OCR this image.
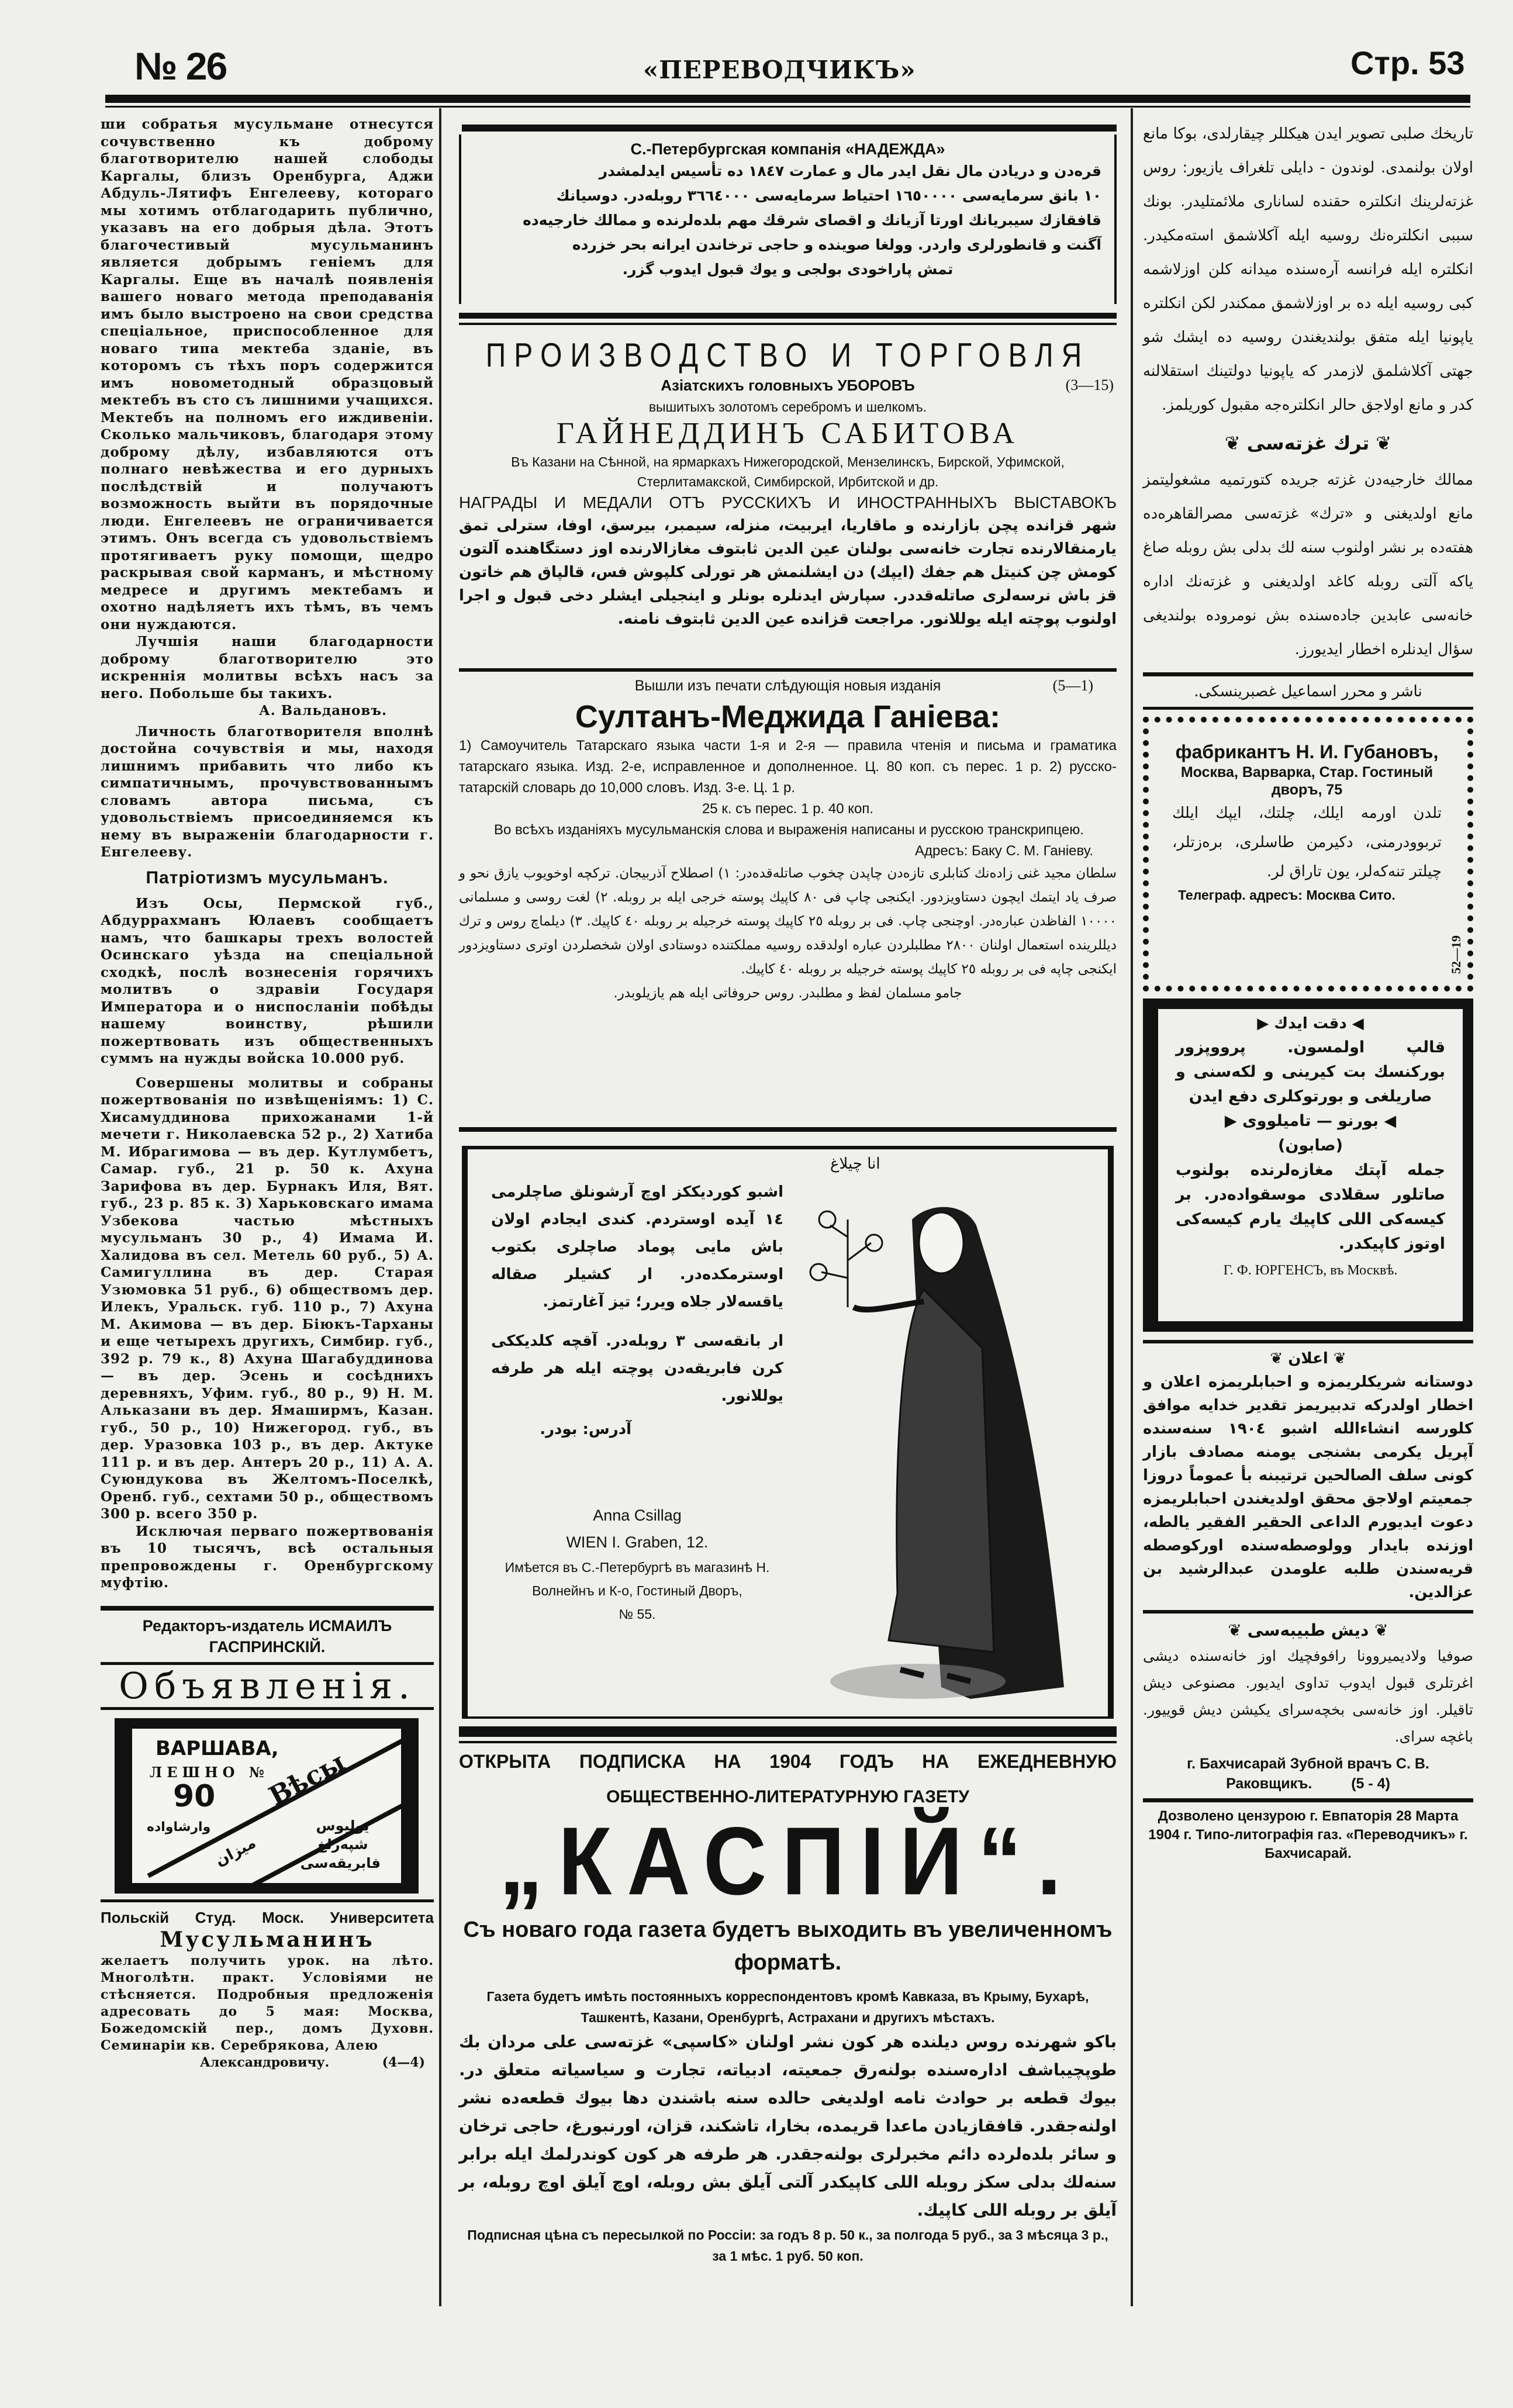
№ 26	«ПЕРЕВОДЧИКЪ»	Стр. 53

ши собратья мусульмане отнесутся сочувственно къ доброму благотворителю нашей слободы Каргалы, близъ Оренбурга, Аджи Абдуль-Лятифъ Енгелееву, котораго мы хотимъ отблагодарить публично, указавъ на его добрыя дѣла. Этотъ благочестивый мусульманинъ является добрымъ геніемъ для Каргалы. Еще въ началѣ появленія вашего новаго метода преподаванія имъ было выстроено на свои средства спеціальное, приспособленное для новаго типа мектеба зданіе, въ которомъ съ тѣхъ поръ содержится имъ новометодный образцовый мектебъ въ сто съ лишними учащихся. Мектебъ на полномъ его иждивеніи. Сколько мальчиковъ, благодаря этому доброму дѣлу, избавляются отъ полнаго невѣжества и его дурныхъ послѣдствій и получаютъ возможность выйти въ порядочные люди. Енгелеевъ не ограничивается этимъ. Онъ всегда съ удовольствіемъ протягиваетъ руку помощи, щедро раскрывая свой карманъ, и мѣстному медресе и другимъ мектебамъ и охотно надѣляетъ ихъ тѣмъ, въ чемъ они нуждаются.

Лучшія наши благодарности доброму благотворителю это искреннія молитвы всѣхъ насъ за него. Побольше бы такихъ.

А. Вальдановъ.

Личность благотворителя вполнѣ достойна сочувствія и мы, находя лишнимъ прибавить что либо къ симпатичнымъ, прочувствованнымъ словамъ автора письма, съ удовольствіемъ присоединяемся къ нему въ выраженіи благодарности г. Енгелееву.

Патріотизмъ мусульманъ.

Изъ Осы, Пермской губ., Абдуррахманъ Юлаевъ сообщаетъ намъ, что башкары трехъ волостей Осинскаго уѣзда на спеціальной сходкѣ, послѣ вознесенія горячихъ молитвъ о здравіи Государя Императора и о ниспосланіи побѣды нашему воинству, рѣшили пожертвовать изъ общественныхъ суммъ на нужды войска 10.000 руб.

Совершены молитвы и собраны пожертвованія по извѣщеніямъ: 1) С. Хисамуддинова прихожанами 1-й мечети г. Николаевска 52 р., 2) Хатиба М. Ибрагимова — въ дер. Кутлумбетъ, Самар. губ., 21 р. 50 к. Ахуна Зарифова въ дер. Бурнакъ Иля, Вят. губ., 23 р. 85 к. 3) Харьковскаго имама Узбекова частью мѣстныхъ мусульманъ 30 р., 4) Имама И. Халидова въ сел. Метель 60 руб., 5) А. Самигуллина въ дер. Старая Узюмовка 51 руб., 6) обществомъ дер. Илекъ, Уральск. губ. 110 р., 7) Ахуна М. Акимова — въ дер. Біюкъ-Тарханы и еще четырехъ другихъ, Симбир. губ., 392 р. 79 к., 8) Ахуна Шагабуддинова — въ дер. Эсень и сосѣднихъ деревняхъ, Уфим. губ., 80 р., 9) Н. М. Альказани въ дер. Ямаширмъ, Казан. губ., 50 р., 10) Нижегород. губ., въ дер. Уразовка 103 р., въ дер. Актуке 111 р. и въ дер. Антеръ 20 р., 11) А. А. Суюндукова въ Желтомъ-Поселкѣ, Оренб. губ., сехтами 50 р., обществомъ 300 р. всего 350 р.

Исключая перваго пожертвованія въ 10 тысячъ, всѣ остальныя препровождены г. Оренбургскому муфтію.

Редакторъ-издатель ИСМАИЛЪ ГАСПРИНСКІЙ.
Объявленія.
ВАРШАВА,
ЛЕШНО №
90
وارشاوادە
Вѣсы
میزان
یولیوس
شپەرلغ
فابریقەسی
Польскій Студ. Моск. Университета
Мусульманинъ
желаетъ получить урок. на лѣто. Многолѣтн. практ. Условіями не стѣсняется. Подробныя предложенія адресовать до 5 мая: Москва, Божедомскій пер., домъ Духовн. Семинаріи кв. Серебрякова, Алею
Александровичу.	(4—4)
С.-Петербургская компанія «НАДЕЖДА»
قرەدن و دریادن مال نقل ایدر مال و عمارت ١٨٤٧ دە تأسیس ایدلمشدر
١٠ بانق سرمایەسی ١٦٥٠٠٠٠ احتیاط سرمایەسی ٣٦٦٤٠٠٠ روبلەدر. دوسیانك
قافقازك سیبریانك اورتا آزیانك و اقصای شرقك مهم بلدەلرندە و ممالك خارجیەدە
آگنت و قانطورلری واردر. وولغا صوینده و حاجی ترخاندن ایرانه بحر خزرده
تمش پاراخودی بولجی و یوك قبول ایدوب گزر.
ПРОИЗВОДСТВО И ТОРГОВЛЯ
Азіатскихъ головныхъ УБОРОВЪ	(3—15)
вышитыхъ золотомъ серебромъ и шелкомъ.
ГАЙНЕДДИНЪ САБИТОВА
Въ Казани на Сѣнной, на ярмаркахъ Нижегородской, Мензелинскъ, Бирской, Уфимской, Стерлитамакской, Симбирской, Ирбитской и др.
НАГРАДЫ И МЕДАЛИ ОТЪ РУССКИХЪ И ИНОСТРАННЫХЪ ВЫСТАВОКЪ
شهر قزانده پچن بازارنده و ماقاریا، ایربیت، منزله، سیمبر، بیرسق، اوفا، سترلی تمق یارمنقالارنده تجارت خانەسی بولنان عین الدین ثابتوف مغازالارنده اوز دستگاهنده آلتون کومش چن کنیتل هم جفك (ایپك) دن ایشلنمش هر تورلی کلپوش فس، قالپاق هم خاتون قز باش نرسەلری صاتلەقددر. سپارش ایدنلره بونلر و اینجیلی ایشلر دخی قبول و اجرا اولنوب پوچته ایله یوللانور. مراجعت قزانده عین الدین ثابتوف نامنه.
Вышли изъ печати слѣдующія новыя изданія	(5—1)
Султанъ-Меджида Ганіева:
1) Самоучитель Татарскаго языка части 1-я и 2-я — правила чтенія и письма и граматика татарскаго языка. Изд. 2-е, исправленное и дополненное. Ц. 80 коп. съ перес. 1 р. 2) русско-татарскій словарь до 10,000 словъ. Изд. 3-е. Ц. 1 р.
25 к. съ перес. 1 р. 40 коп.
Во всѣхъ изданіяхъ мусульманскія слова и выраженія написаны и русскою транскрипцею.
Адресъ: Баку С. М. Ганіеву.
سلطان مجید غنی زادەنك کتابلری تازەدن چاپدن چخوب صاتلەقدەدر: ١) اصطلاح آذربیجان. ترکچه اوخویوب یازق نحو و صرف یاد ایتمك ایچون دستاویزدور. ایکنجی چاپ فی ٨٠ کاپیك پوسته خرجی ایله بر روبله. ٢) لغت روسی و مسلمانی ١٠٠٠٠ الفاظدن عبارەدر. اوچنجی چاپ. فی بر روبله ٢٥ کاپیك پوسته خرجیله بر روبله ٤٠ کاپیك. ٣) دیلماچ روس و ترك دیللرینده استعمال اولنان ٢٨٠٠ مطلبلردن عباره اولدقده روسیه مملکتنده دوستادی اولان شخصلردن اوتری دستاویزدور ایکنجی چاپه فی بر روبله ٢٥ کاپیك پوسته خرجیله بر روبله ٤٠ کاپیك.
جامو مسلمان لفظ و مطلبدر. روس حروفاتی ایله هم یازیلوبدر.
انا چیلاغ
اشبو کوردیککز اوچ آرشونلق صاچلرمی ١٤ آیده اوستردم. کندی ایجادم اولان باش مایی پوماد صاچلری بکتوب اوسترمکدەدر. ار کشیلر صقاله یاقسەلار جلاه ویرر؛ تیز آغارتمز.
ار بانقەسی ٣ روبلەدر. آقچه کلدیککی کرن فابریقەدن پوچته ایله هر طرفه یوللانور.
آدرس: بودر.
Anna Csillag
WIEN I. Graben, 12.
Имѣется въ С.-Петербургѣ въ магазинѣ Н. Волнейнъ и К-о, Гостиный Дворъ,
№ 55.
ОТКРЫТА ПОДПИСКА НА 1904 ГОДЪ НА ЕЖЕДНЕВНУЮ
ОБЩЕСТВЕННО-ЛИТЕРАТУРНУЮ ГАЗЕТУ
„КАСПІЙ“.
Съ новаго года газета будетъ выходить въ увеличенномъ форматѣ.
Газета будетъ имѣть постоянныхъ корреспондентовъ кромѣ Кавказа, въ Крыму, Бухарѣ, Ташкентѣ, Казани, Оренбургѣ, Астрахани и другихъ мѣстахъ.
باکو شهرنده روس دیلنده هر کون نشر اولنان «کاسپی» غزتەسی علی مردان بك طوپچیباشف ادارەسنده بولنەرق جمعیتە، ادبیاتە، تجارت و سیاسیاتە متعلق در. بیوك قطعه بر حوادث نامه اولدیغی حالده سنه باشندن دها بیوك قطعەده نشر اولنەجقدر. قافقازیادن ماعدا قریمده، بخارا، تاشکند، قزان، اورنبورغ، حاجی ترخان و سائر بلدەلرده دائم مخبرلری بولنەجقدر. هر طرفه هر کون کوندرلمك ایله برابر سنەلك بدلی سکز روبله اللی کاپیکدر آلتی آیلق بش روبله، اوچ آیلق اوچ روبله، بر آیلق بر روبله اللی کاپیك.
Подписная цѣна съ пересылкой по Россіи: за годъ 8 р. 50 к., за полгода 5 руб., за 3 мѣсяца 3 р., за 1 мѣс. 1 руб. 50 коп.
تاریخك صلبی تصویر ایدن هیکللر چیقارلدی، بوکا مانع اولان بولنمدی. لوندون - دایلی تلغراف یازیور: روس غزتەلرینك انکلتره حقنده لساناری ملائمتلیدر. بونك سببی انکلترەنك روسیه ایله آکلاشمق استەمکیدر. انکلتره ایله فرانسه آرەسنده میدانه کلن اوزلاشمه کبی روسیه ایله ده بر اوزلاشمق ممکندر لکن انکلتره یاپونیا ایله متفق بولندیغندن روسیه ده ایشك شو جهتی آکلاشلمق لازمدر که یاپونیا دولتینك استقلالنه کدر و مانع اولاجق حالر انکلترەجه مقبول کوریلمز.
❦ ترك غزتەسی ❦
ممالك خارجیەدن غزته جریده کتورتمیه مشغولیتمز مانع اولدیغنی و «ترك» غزتەسی مصرالقاهرەده هفتەده بر نشر اولنوب سنه لك بدلی بش روبله صاغ یاکه آلتی روبله کاغد اولدیغنی و غزتەنك اداره خانەسی عابدین جادەسنده بش نومروده بولندیغی سؤال ایدنلره اخطار ایدیورز.
ناشر و محرر اسماعیل غصبرینسکی.
фабрикантъ Н. И. Губановъ,
Москва, Варварка, Стар. Гостиный дворъ, 75
تلدن اورمه ایلك، چلتك، ایپك ایلك تربوودرمنی، دکیرمن طاسلری، برەزتلر، چیلتر تنەکەلر، یون تاراق لر.
Телеграф. адресъ: Москва Сито.
52—19
◀ دقت ایدك ▶
قالپ اولمسون. پرووپزور بورکنسك بت کیرینی و لکەسنی و صاریلغی و بورتوکلری دفع ایدن
◀ بورنو — تامیلووی ▶
(صابون)
جمله آپتك مغازەلرنده بولنوب صاتلور سقلادی موسقوادەدر. بر کیسەکی اللی کاپیك یارم کیسەکی اوتوز کاپیکدر.
Г. Ф. ЮРГЕНСЪ, въ Москвѣ.
❦ اعلان ❦
دوستانه شریكلریمزه و احبابلریمزه اعلان و اخطار اولدرکه تدبیریمز تقدیر خدایه موافق کلورسه انشاءالله اشبو ١٩٠٤ سنەسنده آپریل یکرمی بشنجی یومنه مصادف بازار کونی سلف الصالحین ترتیبنه بأ عموماً دروزا جمعیتم اولاجق محقق اولدیغندن احبابلریمزه دعوت ایدیورم الداعی الحقیر الفقیر یالطه، اوزنده بایدار وولوصطەسنده اورکوصطه قریەسندن طلبه علومدن عبدالرشید بن عزالدین.
❦ دیش طبیبەسی ❦
صوفیا ولادیمیروونا رافوفچیك اوز خانەسنده دیشی اغرتلری قبول ایدوب تداوی ایدیور. مصنوعی دیش تاقیلر. اوز خانەسی بخچەسرای یکیشن دیش قوییور. باغچه سرای.
г. Бахчисарай Зубной врачъ С. В. Раковщикъ.	(5 - 4)
Дозволено цензурою г. Евпаторія 28 Марта 1904 г. Типо-литографія газ. «Переводчикъ» г. Бахчисарай.
